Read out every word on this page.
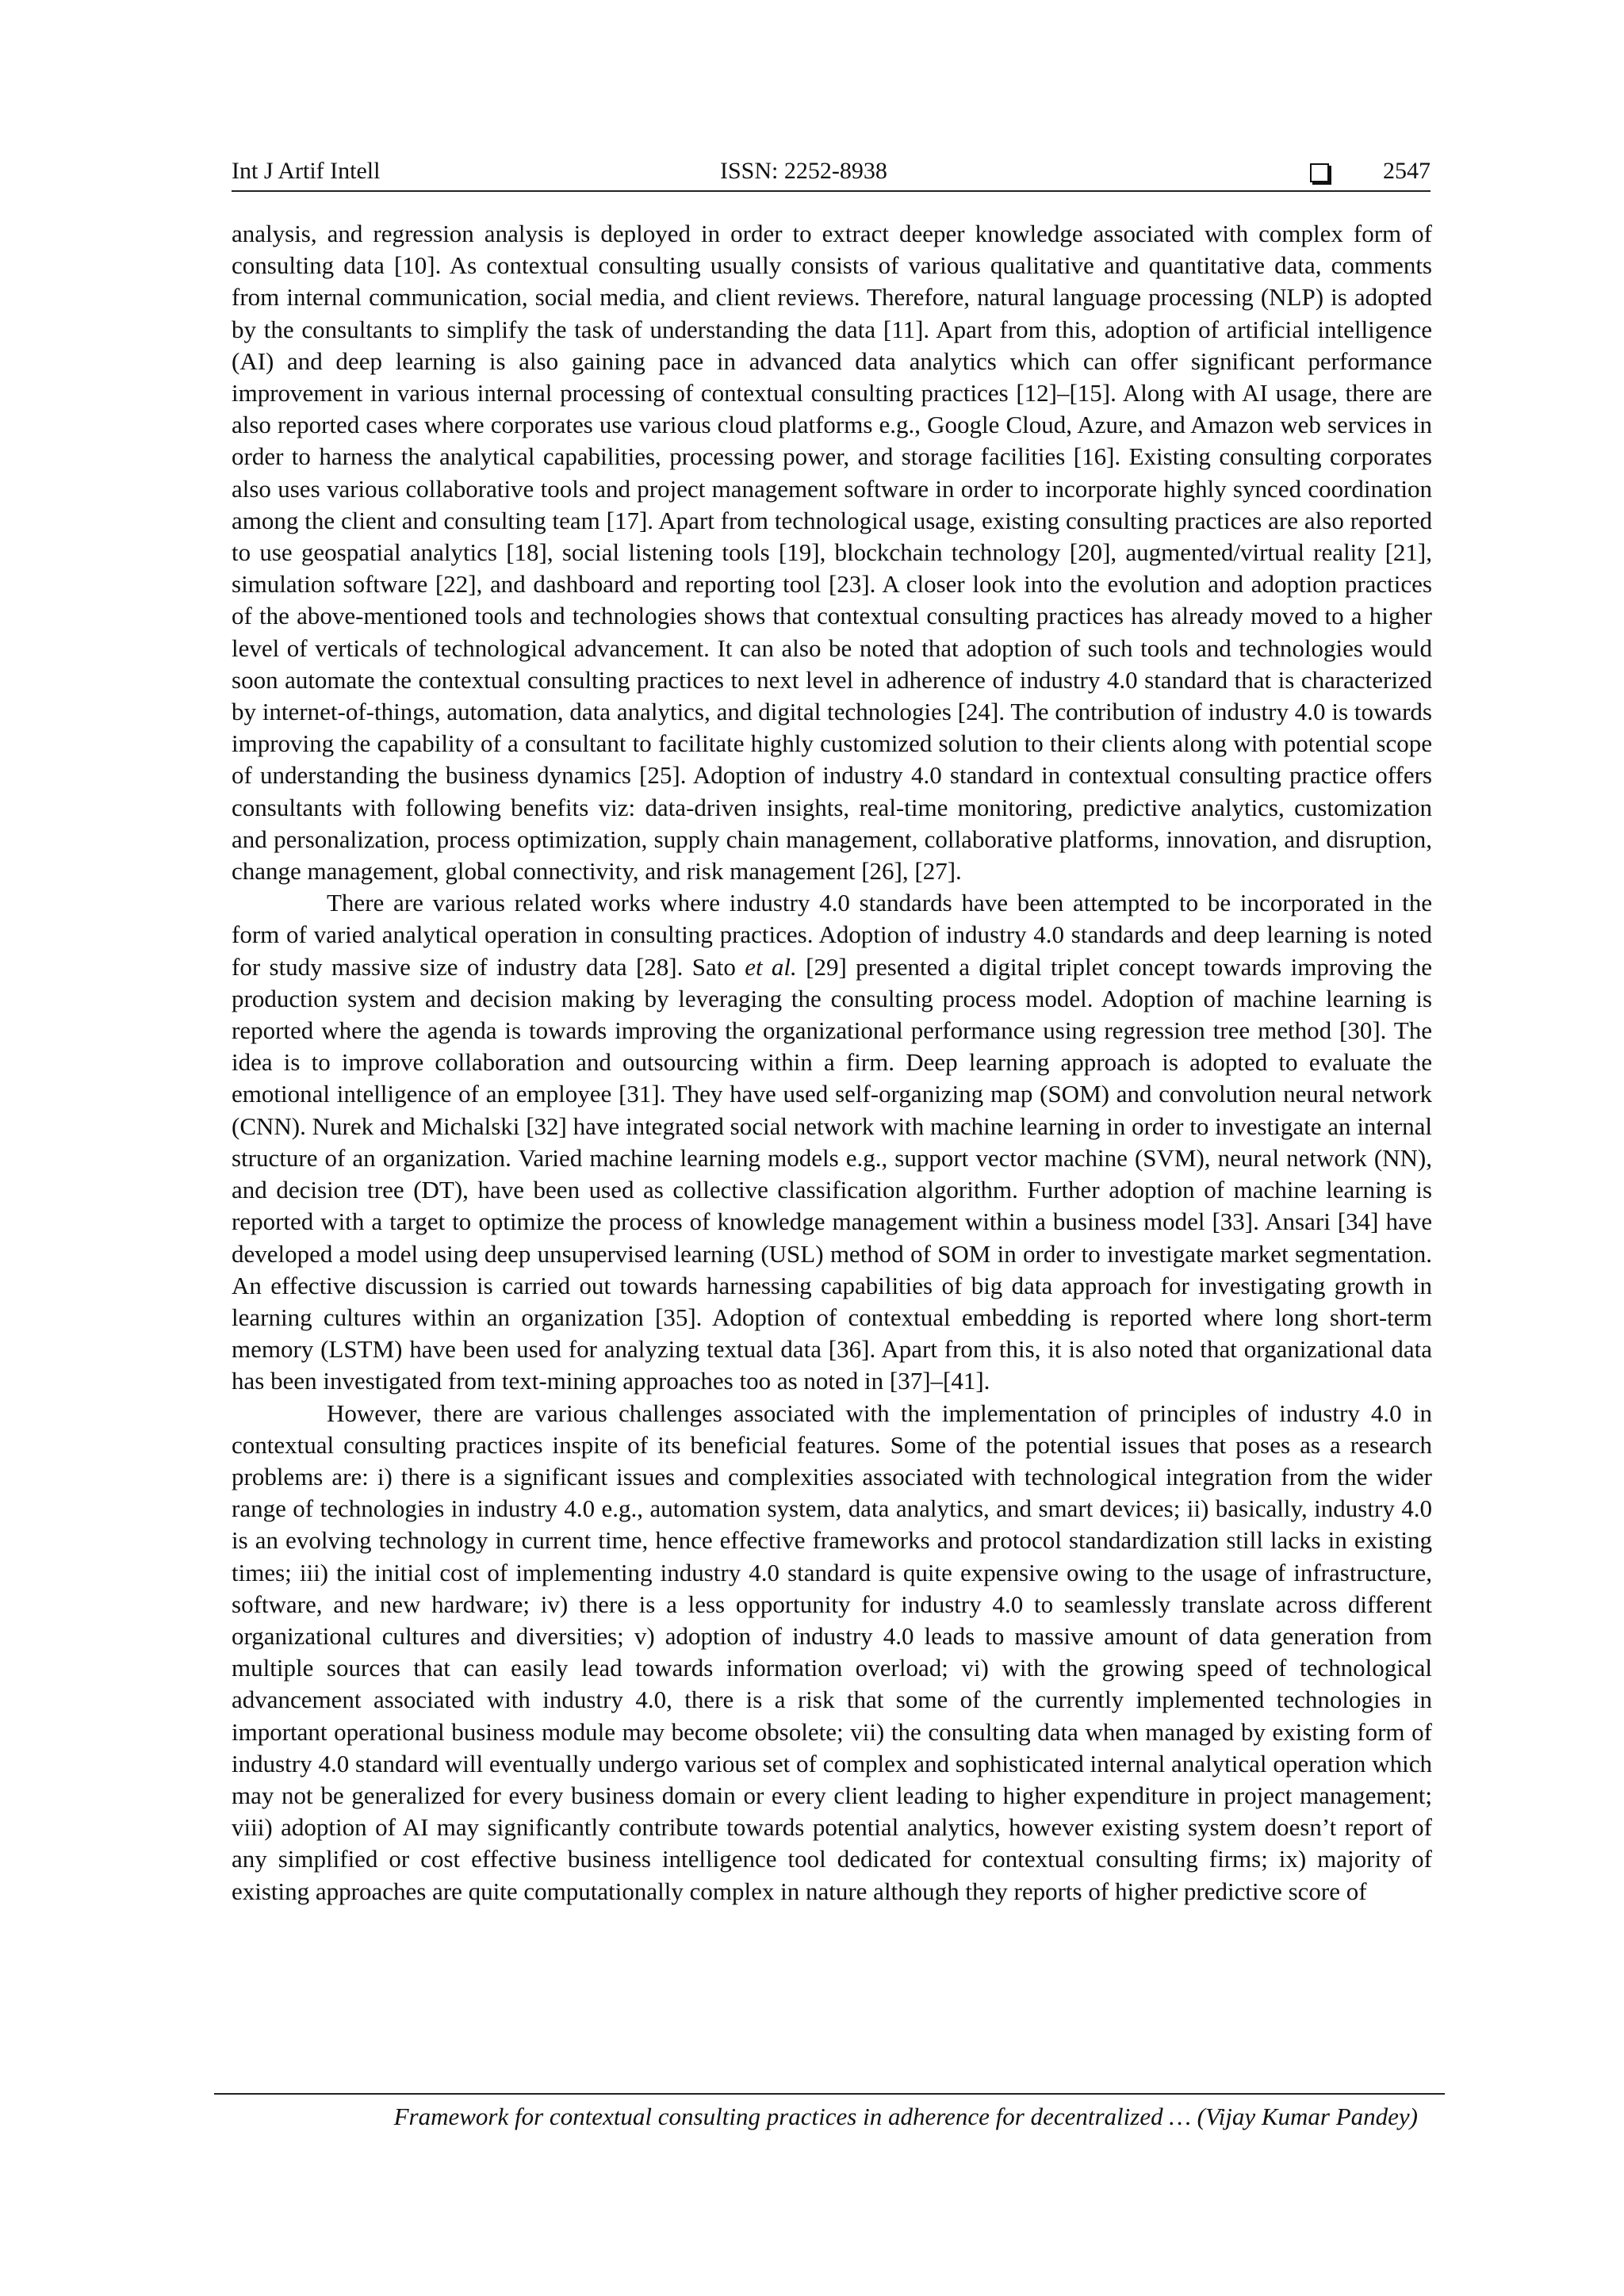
Int J Artif Intell	ISSN: 2252-8938	2547

analysis, and regression analysis is deployed in order to extract deeper knowledge associated with complex form of consulting data [10]. As contextual consulting usually consists of various qualitative and quantitative data, comments from internal communication, social media, and client reviews. Therefore, natural language processing (NLP) is adopted by the consultants to simplify the task of understanding the data [11]. Apart from this, adoption of artificial intelligence (AI) and deep learning is also gaining pace in advanced data analytics which can offer significant performance improvement in various internal processing of contextual consulting practices [12]–[15]. Along with AI usage, there are also reported cases where corporates use various cloud platforms e.g., Google Cloud, Azure, and Amazon web services in order to harness the analytical capabilities, processing power, and storage facilities [16]. Existing consulting corporates also uses various collaborative tools and project management software in order to incorporate highly synced coordination among the client and consulting team [17]. Apart from technological usage, existing consulting practices are also reported to use geospatial analytics [18], social listening tools [19], blockchain technology [20], augmented/virtual reality [21], simulation software [22], and dashboard and reporting tool [23]. A closer look into the evolution and adoption practices of the above-mentioned tools and technologies shows that contextual consulting practices has already moved to a higher level of verticals of technological advancement. It can also be noted that adoption of such tools and technologies would soon automate the contextual consulting practices to next level in adherence of industry 4.0 standard that is characterized by internet-of-things, automation, data analytics, and digital technologies [24]. The contribution of industry 4.0 is towards improving the capability of a consultant to facilitate highly customized solution to their clients along with potential scope of understanding the business dynamics [25]. Adoption of industry 4.0 standard in contextual consulting practice offers consultants with following benefits viz: data-driven insights, real-time monitoring, predictive analytics, customization and personalization, process optimization, supply chain management, collaborative platforms, innovation, and disruption, change management, global connectivity, and risk management [26], [27].

There are various related works where industry 4.0 standards have been attempted to be incorporated in the form of varied analytical operation in consulting practices. Adoption of industry 4.0 standards and deep learning is noted for study massive size of industry data [28]. Sato et al. [29] presented a digital triplet concept towards improving the production system and decision making by leveraging the consulting process model. Adoption of machine learning is reported where the agenda is towards improving the organizational performance using regression tree method [30]. The idea is to improve collaboration and outsourcing within a firm. Deep learning approach is adopted to evaluate the emotional intelligence of an employee [31]. They have used self-organizing map (SOM) and convolution neural network (CNN). Nurek and Michalski [32] have integrated social network with machine learning in order to investigate an internal structure of an organization. Varied machine learning models e.g., support vector machine (SVM), neural network (NN), and decision tree (DT), have been used as collective classification algorithm. Further adoption of machine learning is reported with a target to optimize the process of knowledge management within a business model [33]. Ansari [34] have developed a model using deep unsupervised learning (USL) method of SOM in order to investigate market segmentation. An effective discussion is carried out towards harnessing capabilities of big data approach for investigating growth in learning cultures within an organization [35]. Adoption of contextual embedding is reported where long short-term memory (LSTM) have been used for analyzing textual data [36]. Apart from this, it is also noted that organizational data has been investigated from text-mining approaches too as noted in [37]–[41].

However, there are various challenges associated with the implementation of principles of industry 4.0 in contextual consulting practices inspite of its beneficial features. Some of the potential issues that poses as a research problems are: i) there is a significant issues and complexities associated with technological integration from the wider range of technologies in industry 4.0 e.g., automation system, data analytics, and smart devices; ii) basically, industry 4.0 is an evolving technology in current time, hence effective frameworks and protocol standardization still lacks in existing times; iii) the initial cost of implementing industry 4.0 standard is quite expensive owing to the usage of infrastructure, software, and new hardware; iv) there is a less opportunity for industry 4.0 to seamlessly translate across different organizational cultures and diversities; v) adoption of industry 4.0 leads to massive amount of data generation from multiple sources that can easily lead towards information overload; vi) with the growing speed of technological advancement associated with industry 4.0, there is a risk that some of the currently implemented technologies in important operational business module may become obsolete; vii) the consulting data when managed by existing form of industry 4.0 standard will eventually undergo various set of complex and sophisticated internal analytical operation which may not be generalized for every business domain or every client leading to higher expenditure in project management; viii) adoption of AI may significantly contribute towards potential analytics, however existing system doesn’t report of any simplified or cost effective business intelligence tool dedicated for contextual consulting firms; ix) majority of existing approaches are quite computationally complex in nature although they reports of higher predictive score of

Framework for contextual consulting practices in adherence for decentralized … (Vijay Kumar Pandey)
